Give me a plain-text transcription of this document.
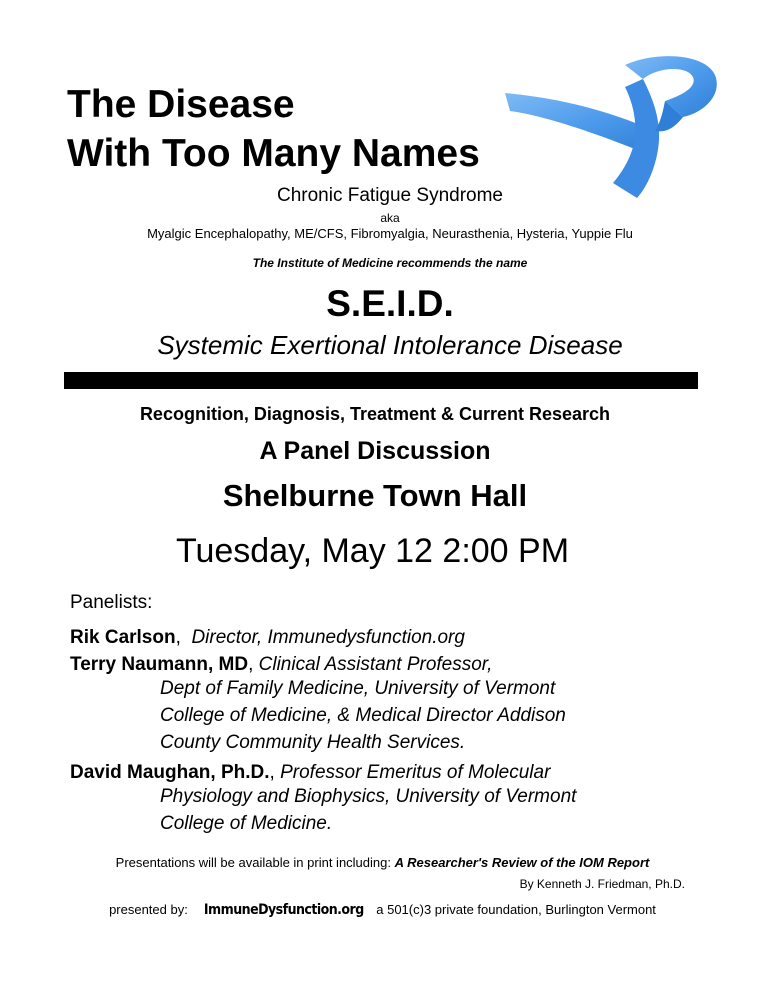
The Disease
With Too Many Names
Chronic Fatigue Syndrome
aka
Myalgic Encephalopathy, ME/CFS, Fibromyalgia, Neurasthenia, Hysteria, Yuppie Flu
The Institute of Medicine recommends the name
S.E.I.D.
Systemic Exertional Intolerance Disease
Recognition, Diagnosis, Treatment & Current Research
A Panel Discussion
Shelburne Town Hall
Tuesday, May 12 2:00 PM
Panelists:
Rik Carlson,  Director, Immunedysfunction.org
Terry Naumann, MD, Clinical Assistant Professor,
Dept of Family Medicine, University of Vermont
College of Medicine, & Medical Director Addison
County Community Health Services.
David Maughan, Ph.D., Professor Emeritus of Molecular
Physiology and Biophysics, University of Vermont
College of Medicine.
Presentations will be available in print including: A Researcher's Review of the IOM Report
By Kenneth J. Friedman, Ph.D.
presented by: ImmuneDysfunction.org a 501(c)3 private foundation, Burlington Vermont
